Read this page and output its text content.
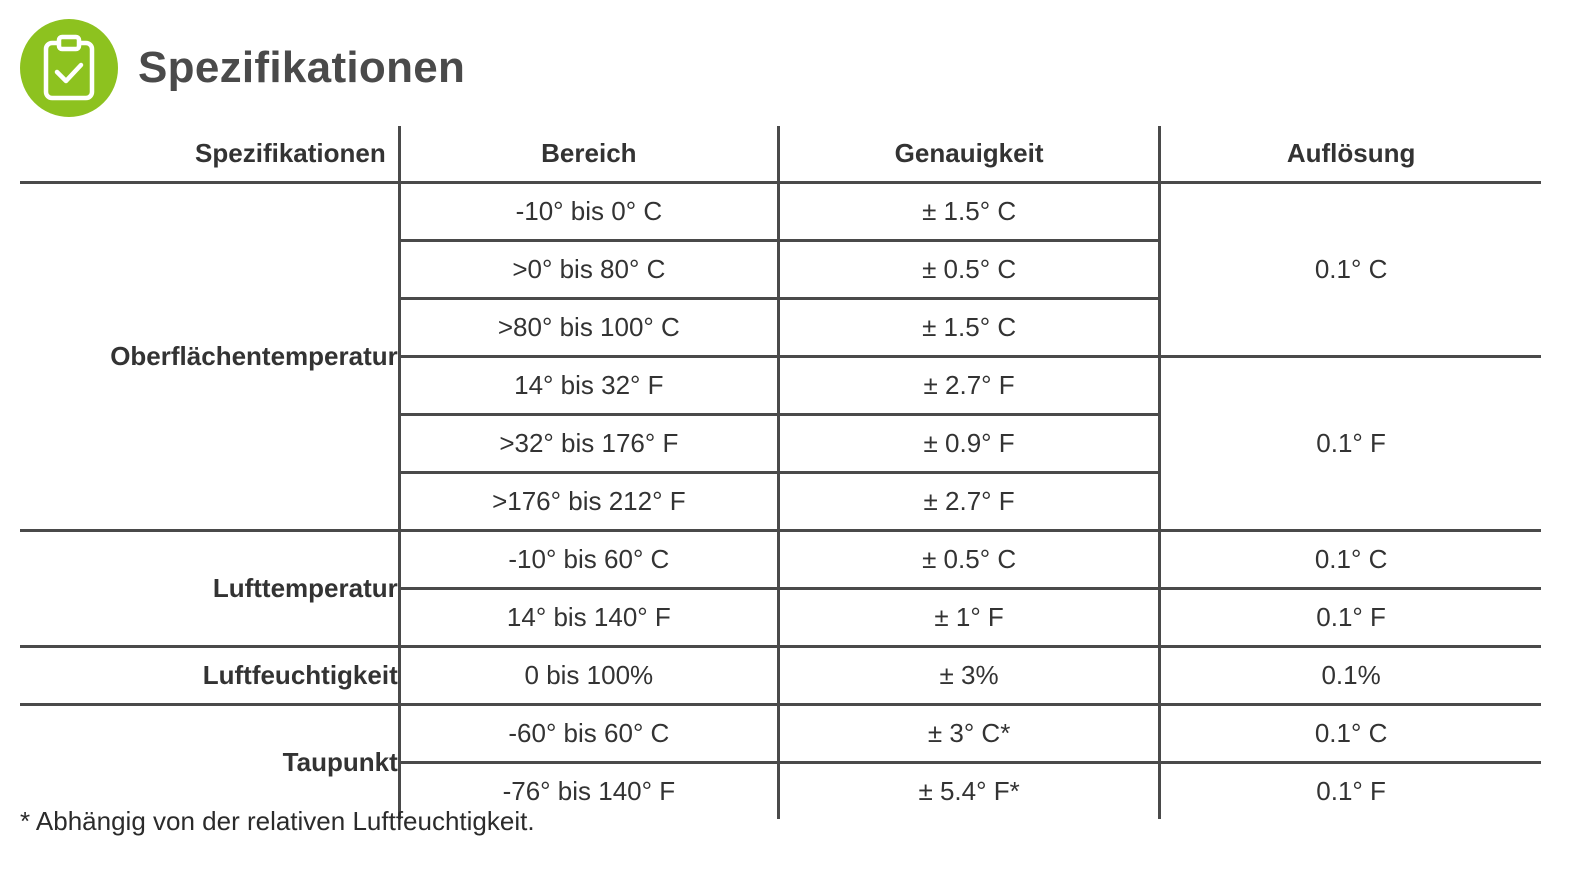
Spezifikationen
Spezifikationen	Bereich	Genauigkeit	Auflösung
Oberflächentemperatur	-10° bis 0° C	± 1.5° C	0.1° C
	>0° bis 80° C	± 0.5° C	
	>80° bis 100° C	± 1.5° C	
	14° bis 32° F	± 2.7° F	0.1° F
	>32° bis 176° F	± 0.9° F	
	>176° bis 212° F	± 2.7° F	
Lufttemperatur	-10° bis 60° C	± 0.5° C	0.1° C
	14° bis 140° F	± 1° F	0.1° F
Luftfeuchtigkeit	0 bis 100%	± 3%	0.1%
Taupunkt	-60° bis 60° C	± 3° C*	0.1° C
	-76° bis 140° F	± 5.4° F*	0.1° F
* Abhängig von der relativen Luftfeuchtigkeit.
